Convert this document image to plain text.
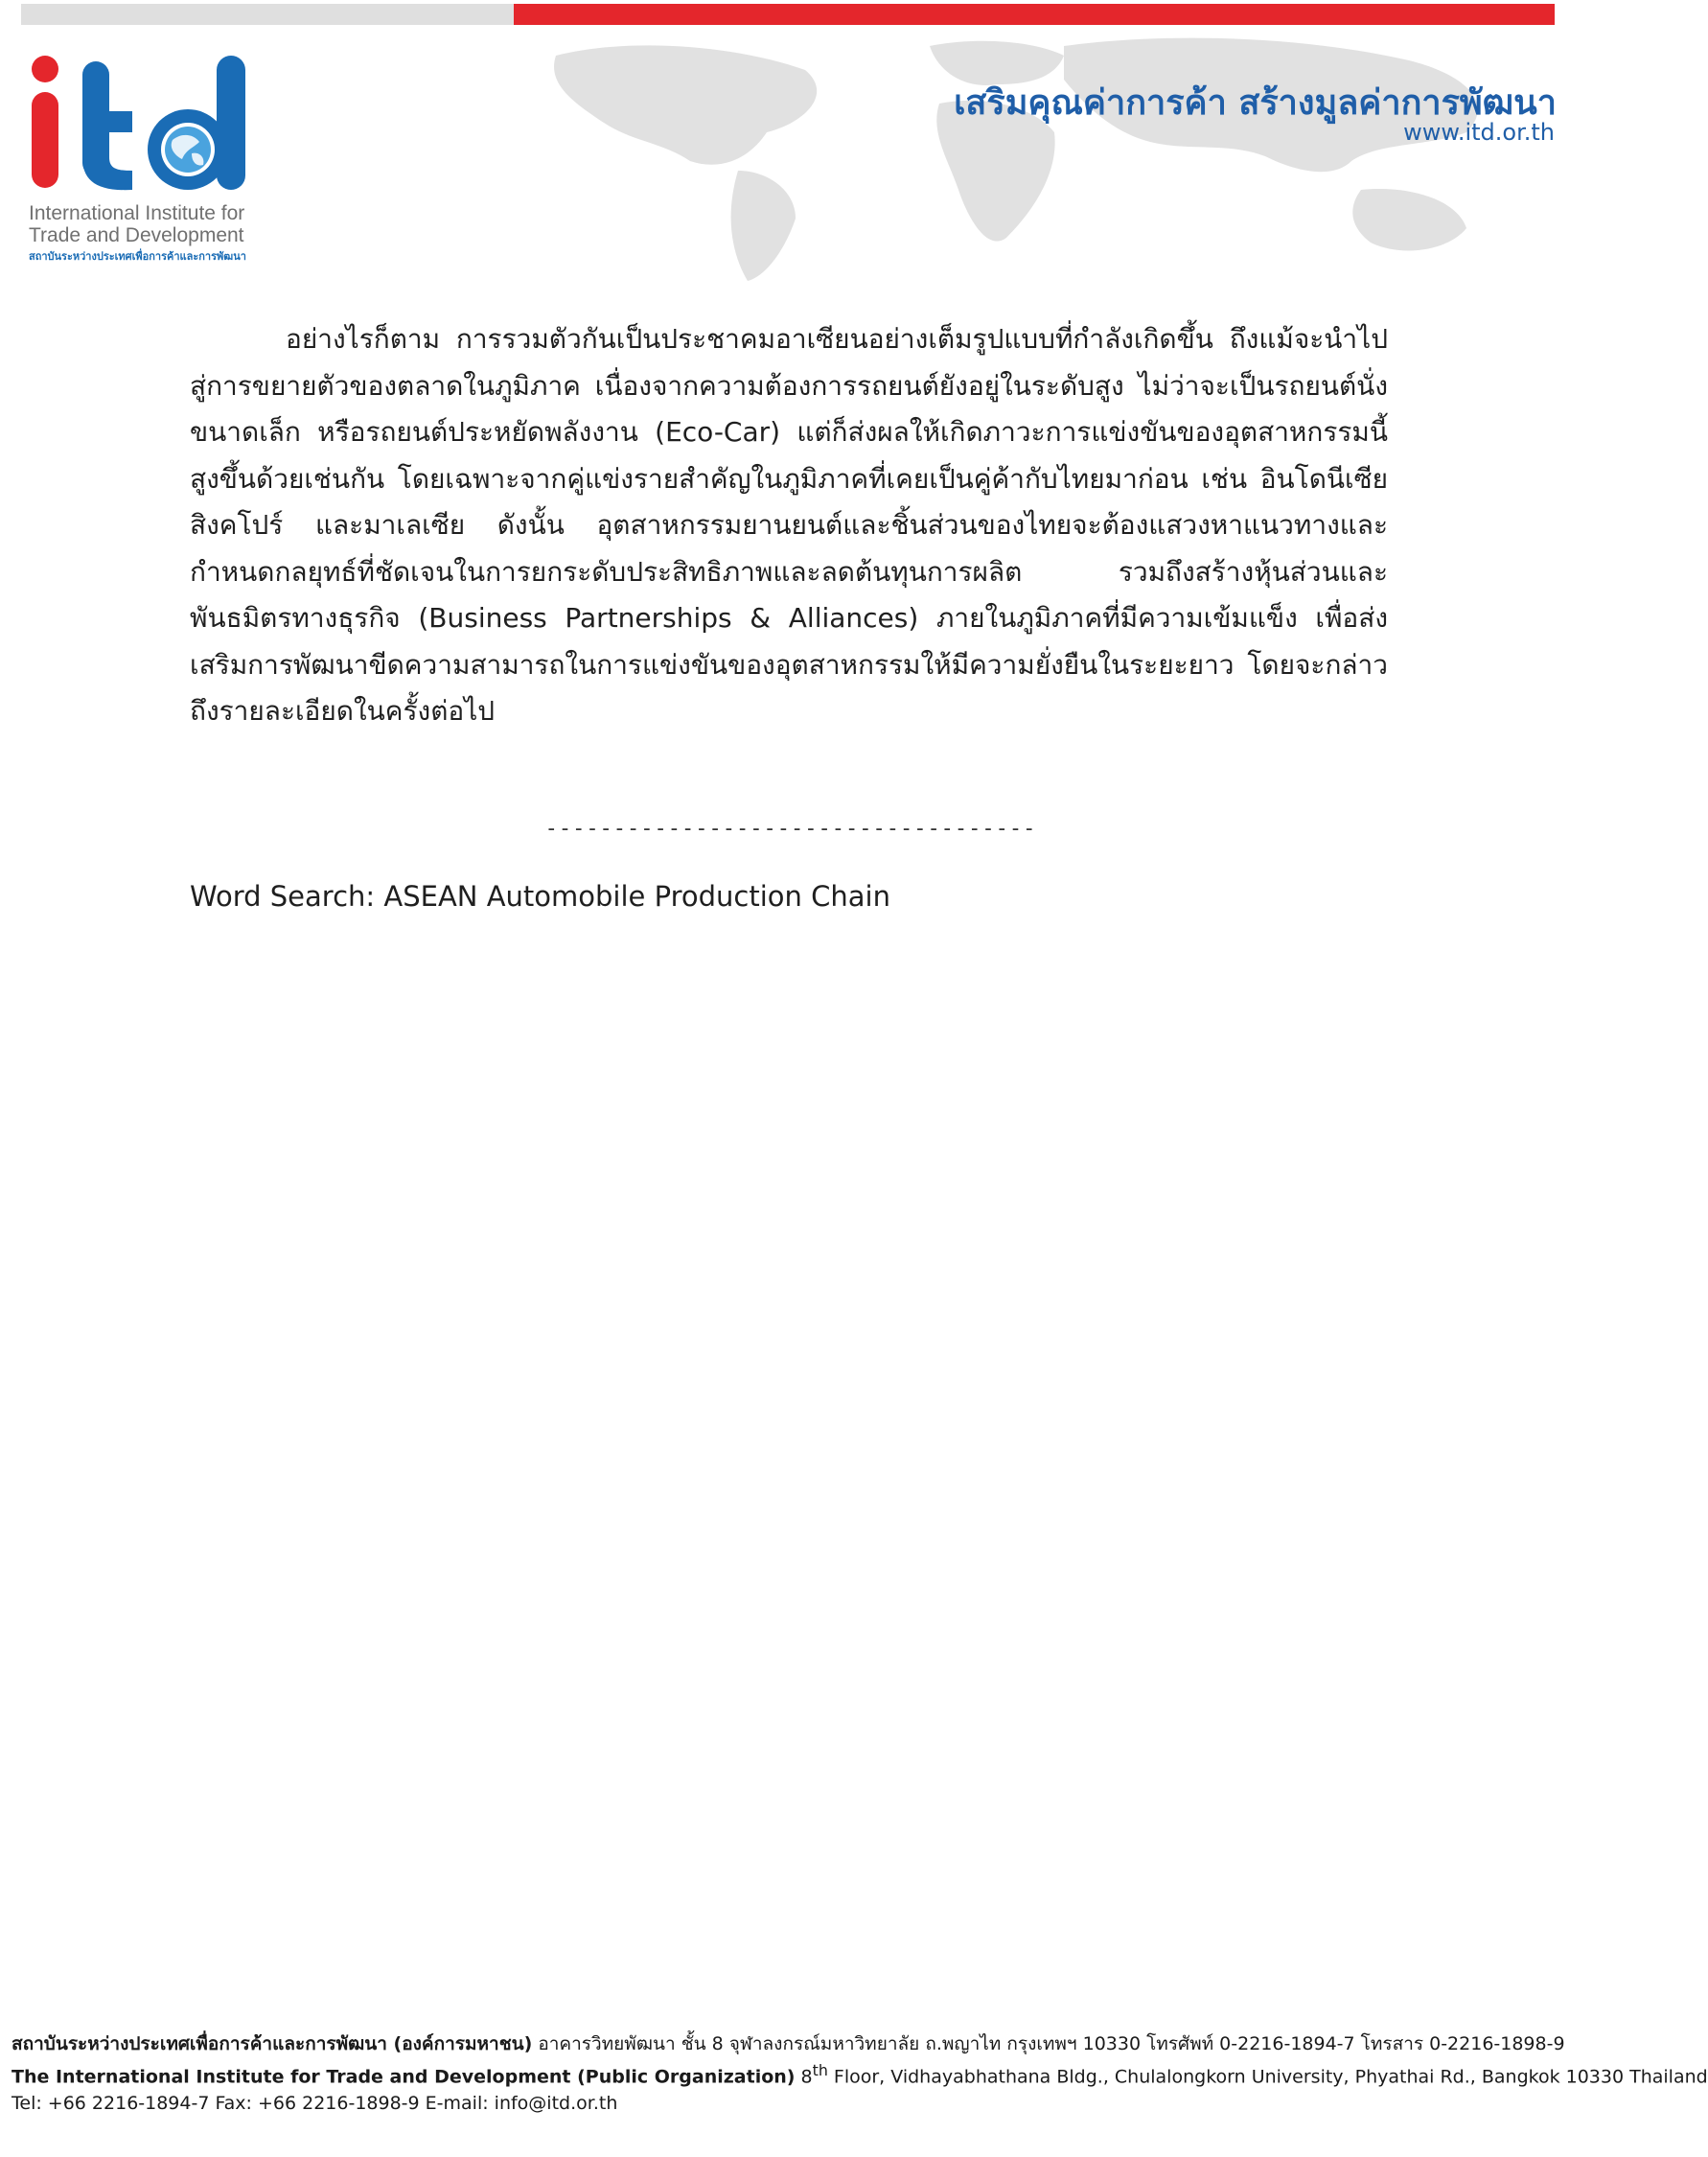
International Institute for
Trade and Development
สถาบันระหว่างประเทศเพื่อการค้าและการพัฒนา
เสริมคุณค่าการค้า สร้างมูลค่าการพัฒนา
www.itd.or.th

อย่างไรก็ตาม การรวมตัวกันเป็นประชาคมอาเซียนอย่างเต็มรูปแบบที่กำลังเกิดขึ้น ถึงแม้จะนำไปสู่การขยายตัวของตลาดในภูมิภาค เนื่องจากความต้องการรถยนต์ยังอยู่ในระดับสูง ไม่ว่าจะเป็นรถยนต์นั่งขนาดเล็ก หรือรถยนต์ประหยัดพลังงาน (Eco-Car) แต่ก็ส่งผลให้เกิดภาวะการแข่งขันของอุตสาหกรรมนี้สูงขึ้นด้วยเช่นกัน โดยเฉพาะจากคู่แข่งรายสำคัญในภูมิภาคที่เคยเป็นคู่ค้ากับไทยมาก่อน เช่น อินโดนีเซีย สิงคโปร์ และมาเลเซีย ดังนั้น อุตสาหกรรมยานยนต์และชิ้นส่วนของไทยจะต้องแสวงหาแนวทางและกำหนดกลยุทธ์ที่ชัดเจนในการยกระดับประสิทธิภาพและลดต้นทุนการผลิต รวมถึงสร้างหุ้นส่วนและพันธมิตรทางธุรกิจ (Business Partnerships & Alliances) ภายในภูมิภาคที่มีความเข้มแข็ง เพื่อส่งเสริมการพัฒนาขีดความสามารถในการแข่งขันของอุตสาหกรรมให้มีความยั่งยืนในระยะยาว โดยจะกล่าวถึงรายละเอียดในครั้งต่อไป

------------------------------------
Word Search: ASEAN Automobile Production Chain
สถาบันระหว่างประเทศเพื่อการค้าและการพัฒนา (องค์การมหาชน) อาคารวิทยพัฒนา ชั้น 8 จุฬาลงกรณ์มหาวิทยาลัย ถ.พญาไท กรุงเทพฯ 10330 โทรศัพท์ 0-2216-1894-7 โทรสาร 0-2216-1898-9
The International Institute for Trade and Development (Public Organization) 8th Floor, Vidhayabhathana Bldg., Chulalongkorn University, Phyathai Rd., Bangkok 10330 Thailand
Tel: +66 2216-1894-7 Fax: +66 2216-1898-9 E-mail: info@itd.or.th
